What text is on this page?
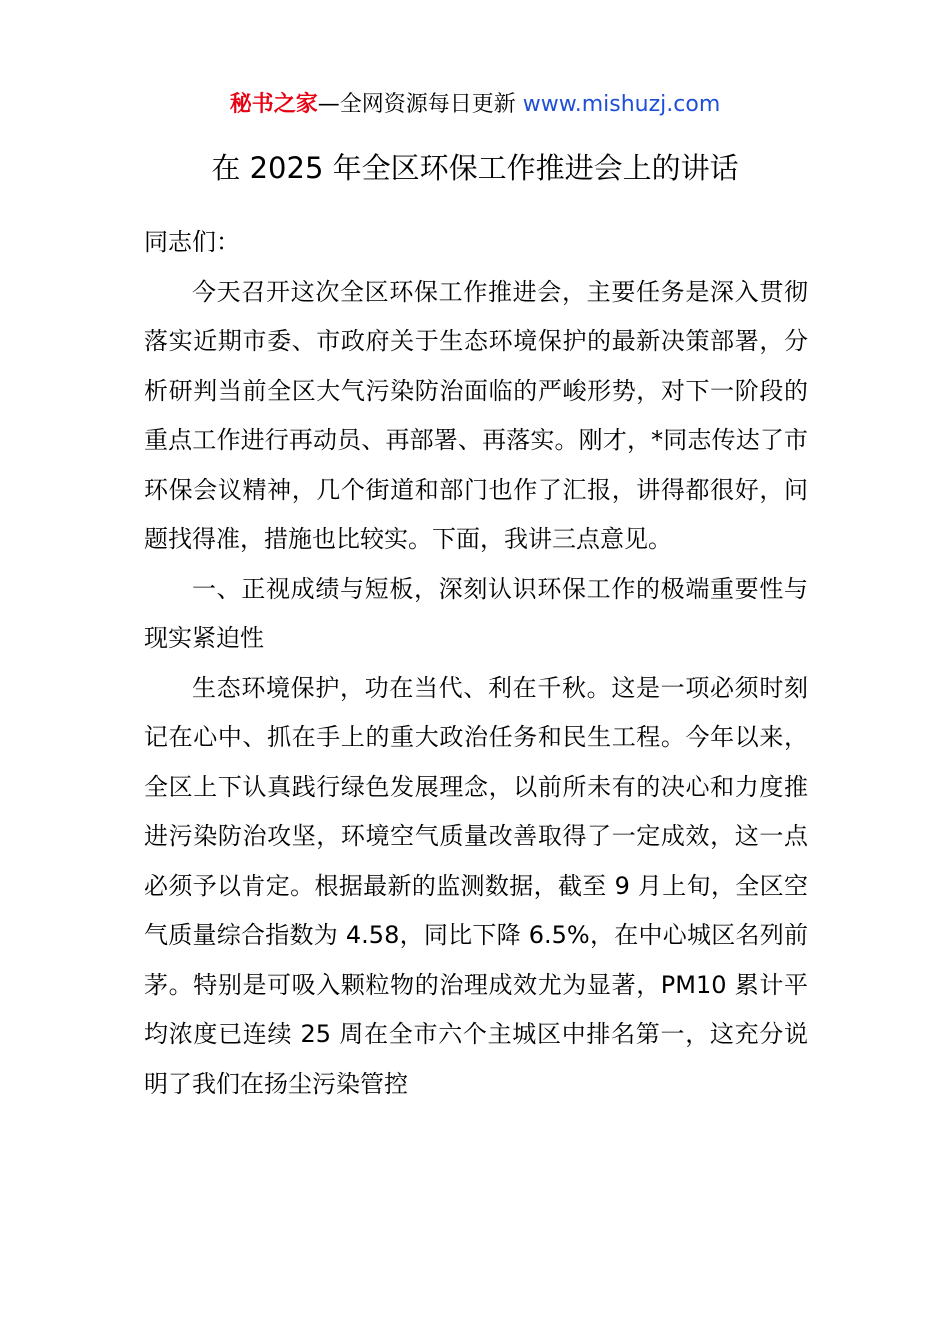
秘书之家—全网资源每日更新 www.mishuzj.com
在 2025 年全区环保工作推进会上的讲话

同志们：

今天召开这次全区环保工作推进会，主要任务是深入贯彻落实近期市委、市政府关于生态环境保护的最新决策部署，分析研判当前全区大气污染防治面临的严峻形势，对下一阶段的重点工作进行再动员、再部署、再落实。刚才，*同志传达了市环保会议精神，几个街道和部门也作了汇报，讲得都很好，问题找得准，措施也比较实。下面，我讲三点意见。

一、正视成绩与短板，深刻认识环保工作的极端重要性与现实紧迫性

生态环境保护，功在当代、利在千秋。这是一项必须时刻记在心中、抓在手上的重大政治任务和民生工程。今年以来，全区上下认真践行绿色发展理念，以前所未有的决心和力度推进污染防治攻坚，环境空气质量改善取得了一定成效，这一点必须予以肯定。根据最新的监测数据，截至 9 月上旬，全区空气质量综合指数为 4.58，同比下降 6.5%，在中心城区名列前茅。特别是可吸入颗粒物的治理成效尤为显著，PM10 累计平均浓度已连续 25 周在全市六个主城区中排名第一，这充分说明了我们在扬尘污染管控
